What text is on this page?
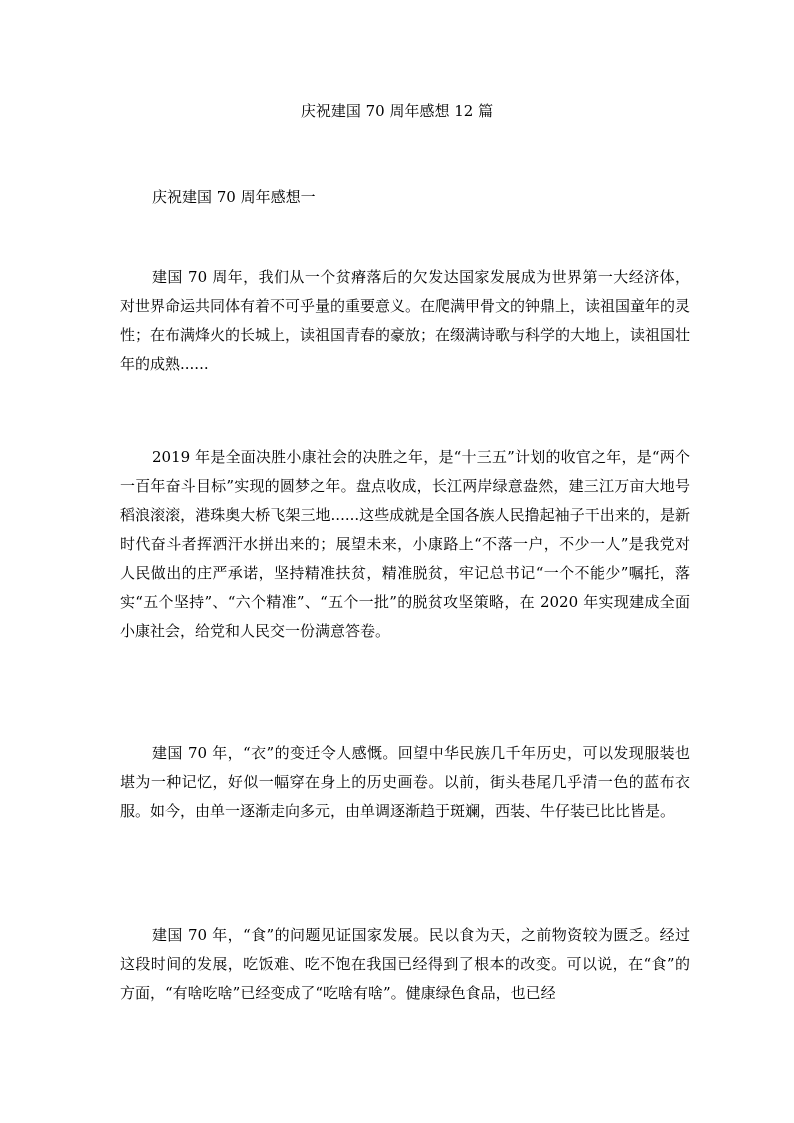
庆祝建国 70 周年感想 12 篇
庆祝建国 70 周年感想一

建国 70 周年，我们从一个贫瘠落后的欠发达国家发展成为世界第一大经济体，对世界命运共同体有着不可乎量的重要意义。在爬满甲骨文的钟鼎上，读祖国童年的灵性；在布满烽火的长城上，读祖国青春的豪放；在缀满诗歌与科学的大地上，读祖国壮年的成熟......

2019 年是全面决胜小康社会的决胜之年，是“十三五”计划的收官之年，是“两个一百年奋斗目标”实现的圆梦之年。盘点收成，长江两岸绿意盎然，建三江万亩大地号稻浪滚滚，港珠奥大桥飞架三地......这些成就是全国各族人民撸起袖子干出来的，是新时代奋斗者挥洒汗水拼出来的；展望未来，小康路上“不落一户，不少一人”是我党对人民做出的庄严承诺，坚持精准扶贫，精准脱贫，牢记总书记“一个不能少”嘱托，落实“五个坚持”、“六个精准”、“五个一批”的脱贫攻坚策略，在 2020 年实现建成全面小康社会，给党和人民交一份满意答卷。

建国 70 年，“衣”的变迁令人感慨。回望中华民族几千年历史，可以发现服装也堪为一种记忆，好似一幅穿在身上的历史画卷。以前，街头巷尾几乎清一色的蓝布衣服。如今，由单一逐渐走向多元，由单调逐渐趋于斑斓，西装、牛仔装已比比皆是。

建国 70 年，“食”的问题见证国家发展。民以食为天，之前物资较为匮乏。经过这段时间的发展，吃饭难、吃不饱在我国已经得到了根本的改变。可以说，在“食”的方面，“有啥吃啥”已经变成了“吃啥有啥”。健康绿色食品，也已经
